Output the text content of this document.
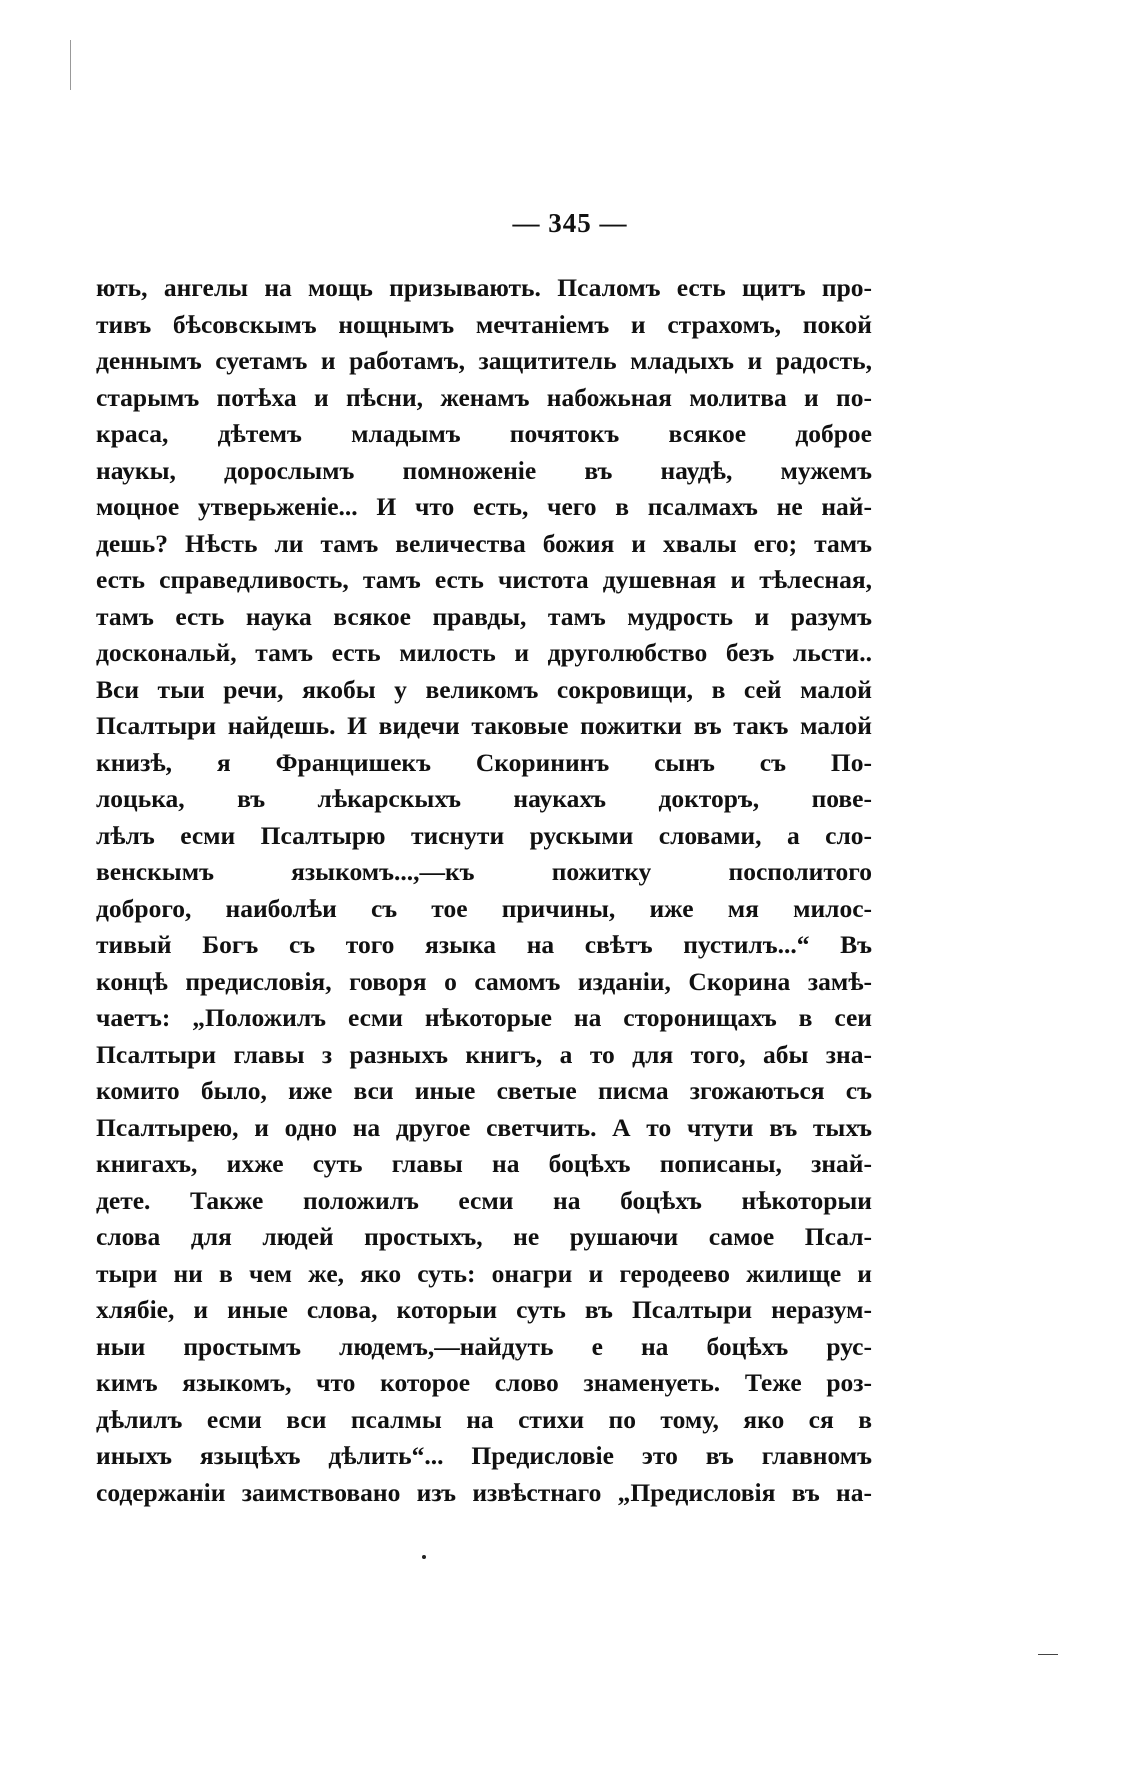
— 345 —
ють, ангелы на мощь призывають. Псаломъ есть щитъ про-
тивъ бѣсовскымъ нощнымъ мечтаніемъ и страхомъ, покой
деннымъ суетамъ и работамъ, защититель младыхъ и радость,
старымъ потѣха и пѣсни, женамъ набожьная молитва и по-
краса, дѣтемъ младымъ почятокъ всякое доброе
наукы, дорослымъ помноженіе въ наудѣ, мужемъ
моцное утверьженіе... И что есть, чего в псалмахъ не най-
дешь? Нѣсть ли тамъ величества божия и хвалы его; тамъ
есть справедливость, тамъ есть чистота душевная и тѣлесная,
тамъ есть наука всякое правды, тамъ мудрость и разумъ
доскональй, тамъ есть милость и друголюбство безъ льсти..
Вси тыи речи, якобы у великомъ сокровищи, в сей малой
Псалтыри найдешь. И видечи таковые пожитки въ такъ малой
книзѣ, я Францишекъ Скорининъ сынъ съ По-
лоцька, въ лѣкарскыхъ наукахъ докторъ, пове-
лѣлъ есми Псалтырю тиснути рускыми словами, а сло-
венскымъ языкомъ...,—къ пожитку посполитого
доброго, наиболѣи съ тое причины, иже мя милос-
тивый Богъ съ того языка на свѣтъ пустилъ...“ Въ
концѣ предисловія, говоря о самомъ изданіи, Скорина замѣ-
чаетъ: „Положилъ есми нѣкоторые на сторонищахъ в сеи
Псалтыри главы з разныхъ книгъ, а то для того, абы зна-
комито было, иже вси иные светые писма згожаються съ
Псалтырею, и одно на другое светчить. А то чтути въ тыхъ
книгахъ, ихже суть главы на боцѣхъ пописаны, знай-
дете. Также положилъ есми на боцѣхъ нѣкоторыи
слова для людей простыхъ, не рушаючи самое Псал-
тыри ни в чем же, яко суть: онагри и геродеево жилище и
хлябіе, и иные слова, которыи суть въ Псалтыри неразум-
ныи простымъ людемъ,—найдуть е на боцѣхъ рус-
кимъ языкомъ, что которое слово знаменуеть. Теже роз-
дѣлилъ есми вси псалмы на стихи по тому, яко ся в
иныхъ языцѣхъ дѣлить“... Предисловіе это въ главномъ
содержаніи заимствовано изъ извѣстнаго „Предисловія въ на-
